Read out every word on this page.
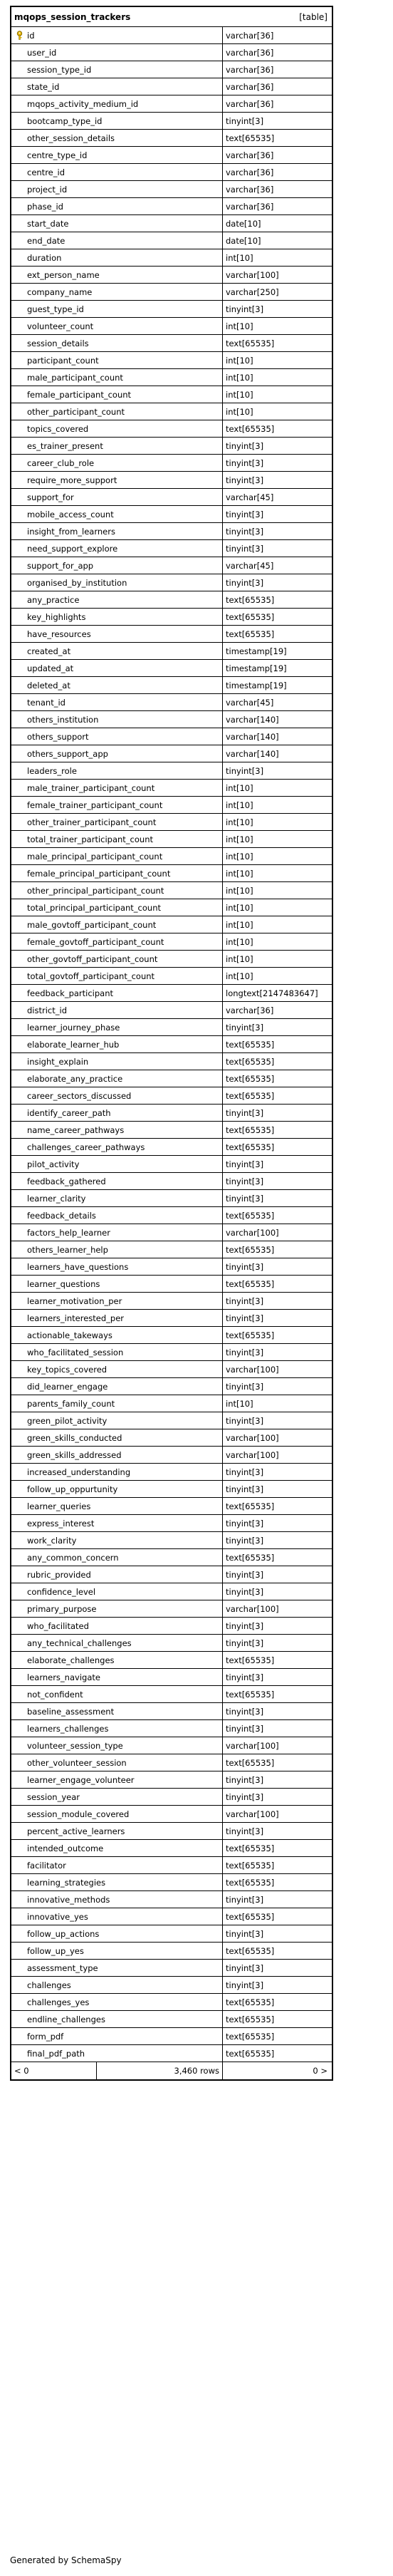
mqops_session_trackers	[table]
id	varchar[36]
user_id	varchar[36]
session_type_id	varchar[36]
state_id	varchar[36]
mqops_activity_medium_id	varchar[36]
bootcamp_type_id	tinyint[3]
other_session_details	text[65535]
centre_type_id	varchar[36]
centre_id	varchar[36]
project_id	varchar[36]
phase_id	varchar[36]
start_date	date[10]
end_date	date[10]
duration	int[10]
ext_person_name	varchar[100]
company_name	varchar[250]
guest_type_id	tinyint[3]
volunteer_count	int[10]
session_details	text[65535]
participant_count	int[10]
male_participant_count	int[10]
female_participant_count	int[10]
other_participant_count	int[10]
topics_covered	text[65535]
es_trainer_present	tinyint[3]
career_club_role	tinyint[3]
require_more_support	tinyint[3]
support_for	varchar[45]
mobile_access_count	tinyint[3]
insight_from_learners	tinyint[3]
need_support_explore	tinyint[3]
support_for_app	varchar[45]
organised_by_institution	tinyint[3]
any_practice	text[65535]
key_highlights	text[65535]
have_resources	text[65535]
created_at	timestamp[19]
updated_at	timestamp[19]
deleted_at	timestamp[19]
tenant_id	varchar[45]
others_institution	varchar[140]
others_support	varchar[140]
others_support_app	varchar[140]
leaders_role	tinyint[3]
male_trainer_participant_count	int[10]
female_trainer_participant_count	int[10]
other_trainer_participant_count	int[10]
total_trainer_participant_count	int[10]
male_principal_participant_count	int[10]
female_principal_participant_count	int[10]
other_principal_participant_count	int[10]
total_principal_participant_count	int[10]
male_govtoff_participant_count	int[10]
female_govtoff_participant_count	int[10]
other_govtoff_participant_count	int[10]
total_govtoff_participant_count	int[10]
feedback_participant	longtext[2147483647]
district_id	varchar[36]
learner_journey_phase	tinyint[3]
elaborate_learner_hub	text[65535]
insight_explain	text[65535]
elaborate_any_practice	text[65535]
career_sectors_discussed	text[65535]
identify_career_path	tinyint[3]
name_career_pathways	text[65535]
challenges_career_pathways	text[65535]
pilot_activity	tinyint[3]
feedback_gathered	tinyint[3]
learner_clarity	tinyint[3]
feedback_details	text[65535]
factors_help_learner	varchar[100]
others_learner_help	text[65535]
learners_have_questions	tinyint[3]
learner_questions	text[65535]
learner_motivation_per	tinyint[3]
learners_interested_per	tinyint[3]
actionable_takeways	text[65535]
who_facilitated_session	tinyint[3]
key_topics_covered	varchar[100]
did_learner_engage	tinyint[3]
parents_family_count	int[10]
green_pilot_activity	tinyint[3]
green_skills_conducted	varchar[100]
green_skills_addressed	varchar[100]
increased_understanding	tinyint[3]
follow_up_oppurtunity	tinyint[3]
learner_queries	text[65535]
express_interest	tinyint[3]
work_clarity	tinyint[3]
any_common_concern	text[65535]
rubric_provided	tinyint[3]
confidence_level	tinyint[3]
primary_purpose	varchar[100]
who_facilitated	tinyint[3]
any_technical_challenges	tinyint[3]
elaborate_challenges	text[65535]
learners_navigate	tinyint[3]
not_confident	text[65535]
baseline_assessment	tinyint[3]
learners_challenges	tinyint[3]
volunteer_session_type	varchar[100]
other_volunteer_session	text[65535]
learner_engage_volunteer	tinyint[3]
session_year	tinyint[3]
session_module_covered	varchar[100]
percent_active_learners	tinyint[3]
intended_outcome	text[65535]
facilitator	text[65535]
learning_strategies	text[65535]
innovative_methods	tinyint[3]
innovative_yes	text[65535]
follow_up_actions	tinyint[3]
follow_up_yes	text[65535]
assessment_type	tinyint[3]
challenges	tinyint[3]
challenges_yes	text[65535]
endline_challenges	text[65535]
form_pdf	text[65535]
final_pdf_path	text[65535]
< 0	3,460 rows	0 >
Generated by SchemaSpy
